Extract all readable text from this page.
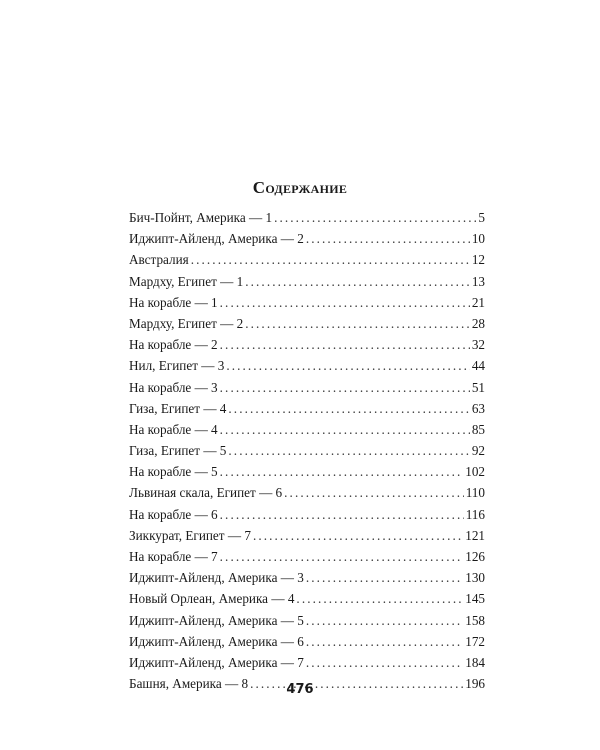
Содержание
Бич-Пойнт, Америка — 1 . . .	5
Иджипт-Айленд, Америка — 2 . . .	10
Австралия . . .	12
Мардху, Египет — 1 . . .	13
На корабле — 1 . . .	21
Мардху, Египет — 2 . . .	28
На корабле — 2 . . .	32
Нил, Египет — 3 . . .	44
На корабле — 3 . . .	51
Гиза, Египет — 4 . . .	63
На корабле — 4 . . .	85
Гиза, Египет — 5 . . .	92
На корабле — 5 . . .	102
Львиная скала, Египет — 6 . . .	110
На корабле — 6 . . .	116
Зиккурат, Египет — 7 . . .	121
На корабле — 7 . . .	126
Иджипт-Айленд, Америка — 3 . . .	130
Новый Орлеан, Америка — 4 . . .	145
Иджипт-Айленд, Америка — 5 . . .	158
Иджипт-Айленд, Америка — 6 . . .	172
Иджипт-Айленд, Америка — 7 . . .	184
Башня, Америка — 8 . . .	196
476
